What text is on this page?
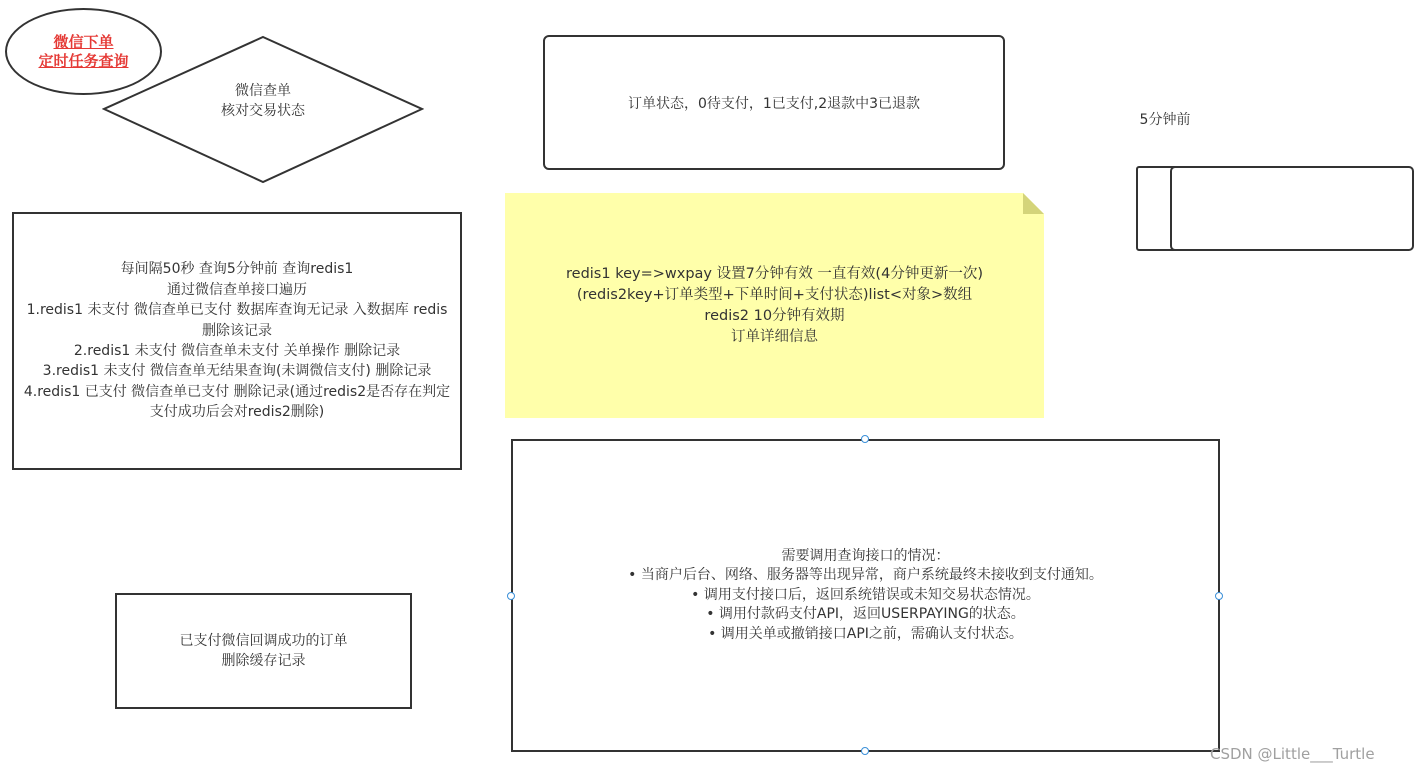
微信下单
定时任务查询
微信查单
核对交易状态	订单状态，0待支付，1已支付,2退款中3已退款
5分钟前
每间隔50秒 查询5分钟前 查询redis1
通过微信查单接口遍历
1.redis1 未支付 微信查单已支付 数据库查询无记录 入数据库 redis删除该记录
2.redis1 未支付 微信查单未支付 关单操作 删除记录
3.redis1 未支付 微信查单无结果查询(未调微信支付) 删除记录
4.redis1 已支付 微信查单已支付 删除记录(通过redis2是否存在判定 支付成功后会对redis2删除)
redis1 key=>wxpay 设置7分钟有效 一直有效(4分钟更新一次)
(redis2key+订单类型+下单时间+支付状态)list<对象>数组
redis2 10分钟有效期
订单详细信息
需要调用查询接口的情况：
• 当商户后台、网络、服务器等出现异常，商户系统最终未接收到支付通知。
• 调用支付接口后，返回系统错误或未知交易状态情况。
• 调用付款码支付API，返回USERPAYING的状态。
• 调用关单或撤销接口API之前，需确认支付状态。
已支付微信回调成功的订单
删除缓存记录
CSDN @Little___Turtle
